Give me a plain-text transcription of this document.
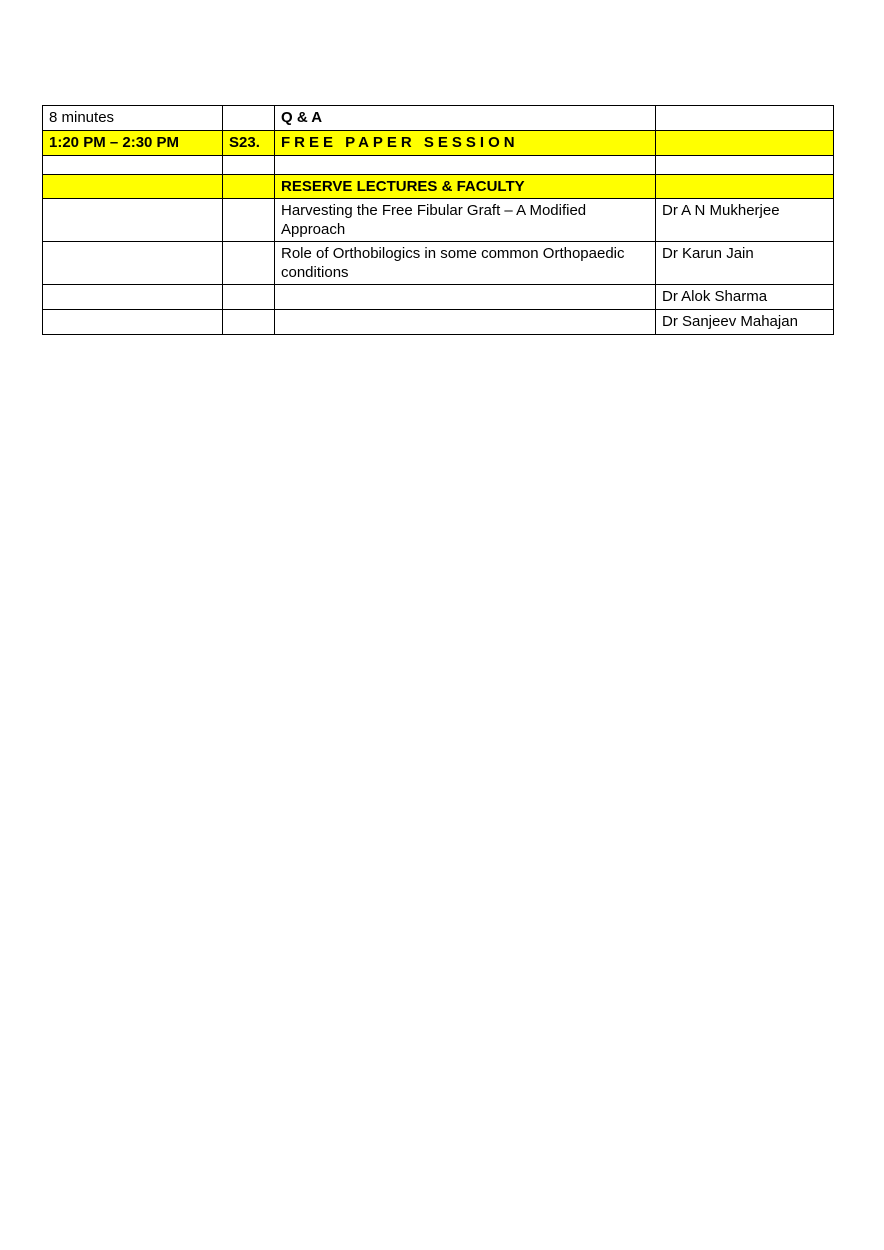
8 minutes		Q & A	
1:20 PM – 2:30 PM	S23.	FREE PAPER SESSION	

		RESERVE LECTURES & FACULTY	
		Harvesting the Free Fibular Graft – A Modified Approach	Dr A N Mukherjee
		Role of Orthobilogics in some common Orthopaedic conditions	Dr Karun Jain
			Dr Alok Sharma
			Dr Sanjeev Mahajan
